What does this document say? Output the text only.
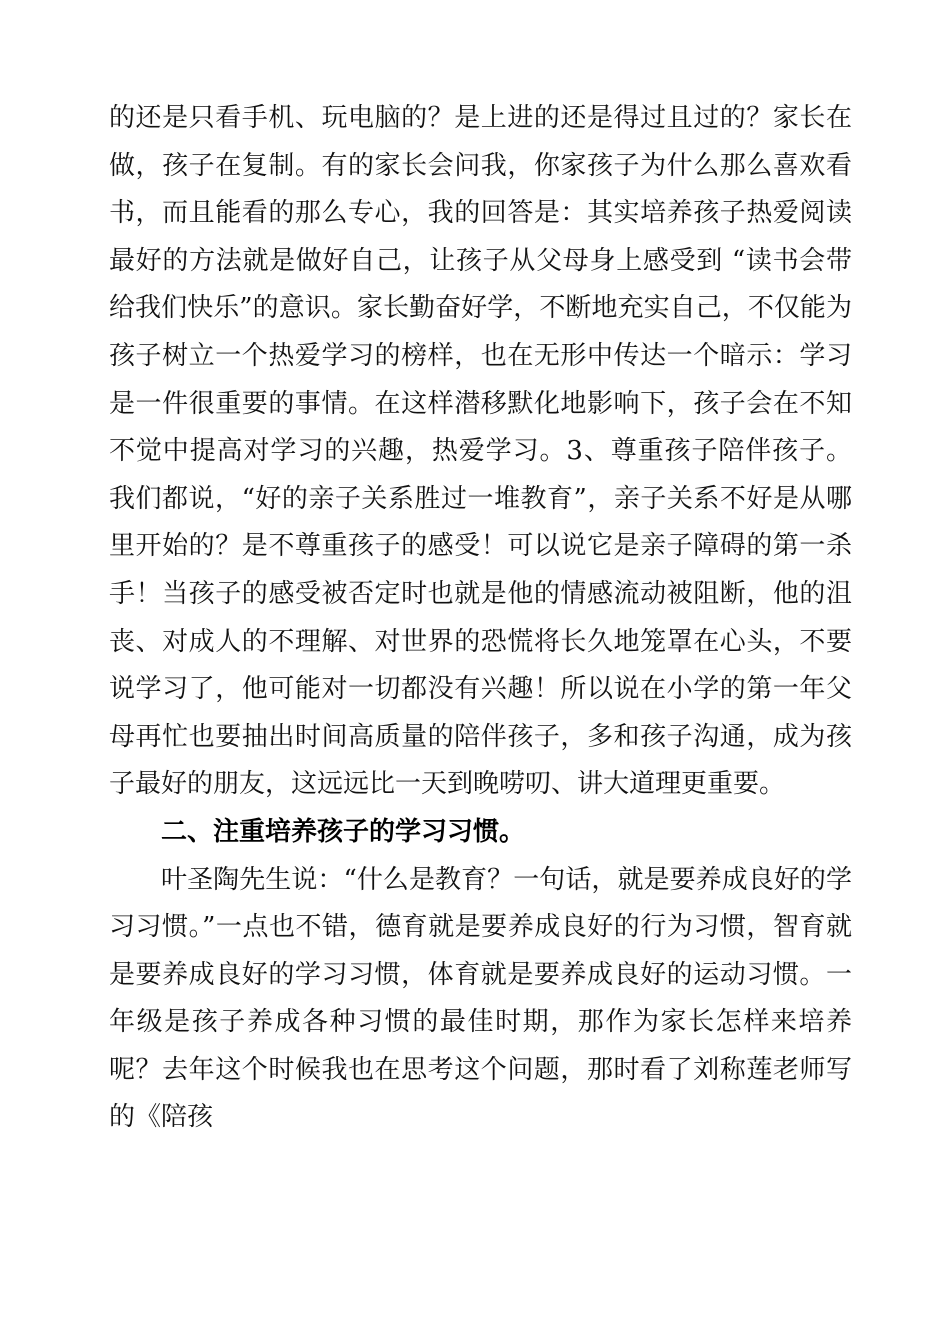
的还是只看手机、玩电脑的？是上进的还是得过且过的？家长在做，孩子在复制。有的家长会问我，你家孩子为什么那么喜欢看书，而且能看的那么专心，我的回答是：其实培养孩子热爱阅读最好的方法就是做好自己，让孩子从父母身上感受到 “读书会带给我们快乐”的意识。家长勤奋好学，不断地充实自己，不仅能为孩子树立一个热爱学习的榜样，也在无形中传达一个暗示：学习是一件很重要的事情。在这样潜移默化地影响下，孩子会在不知不觉中提高对学习的兴趣，热爱学习。3、尊重孩子陪伴孩子。我们都说，“好的亲子关系胜过一堆教育”，亲子关系不好是从哪里开始的？是不尊重孩子的感受！可以说它是亲子障碍的第一杀手！当孩子的感受被否定时也就是他的情感流动被阻断，他的沮丧、对成人的不理解、对世界的恐慌将长久地笼罩在心头，不要说学习了，他可能对一切都没有兴趣！所以说在小学的第一年父母再忙也要抽出时间高质量的陪伴孩子，多和孩子沟通，成为孩子最好的朋友，这远远比一天到晚唠叨、讲大道理更重要。

二、注重培养孩子的学习习惯。

叶圣陶先生说：“什么是教育？一句话，就是要养成良好的学习习惯。”一点也不错，德育就是要养成良好的行为习惯，智育就是要养成良好的学习习惯，体育就是要养成良好的运动习惯。一年级是孩子养成各种习惯的最佳时期，那作为家长怎样来培养呢？去年这个时候我也在思考这个问题，那时看了刘称莲老师写的《陪孩
